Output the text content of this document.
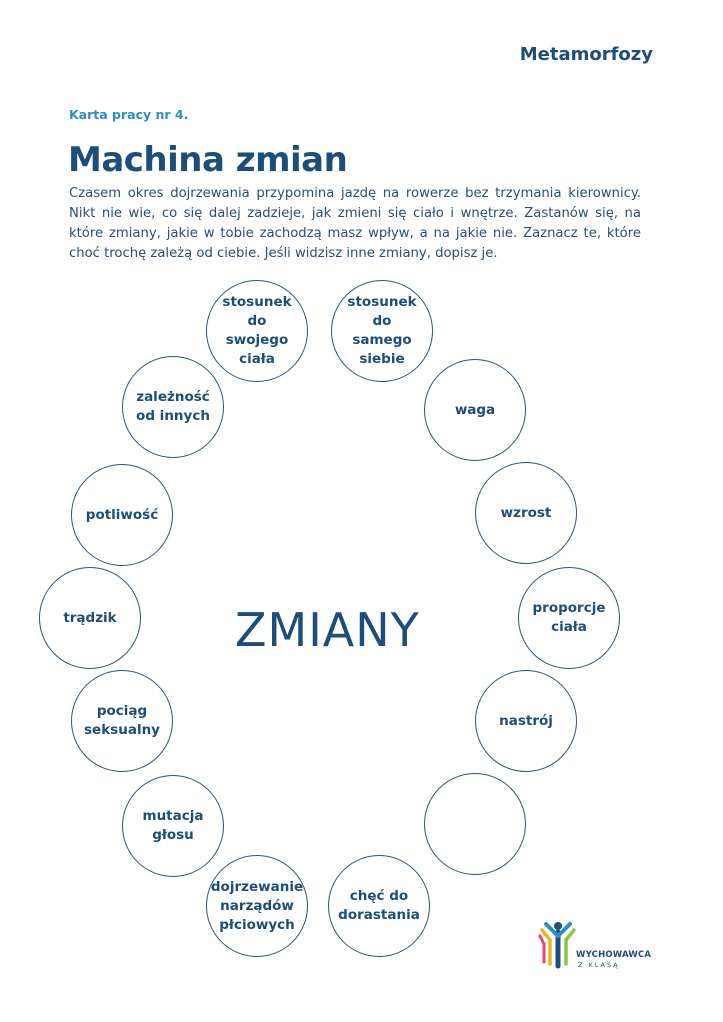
Metamorfozy
Karta pracy nr 4.
Machina zmian

Czasem okres dojrzewania przypomina jazdę na rowerze bez trzymania kierownicy. Nikt nie wie, co się dalej zadzieje, jak zmieni się ciało i wnętrze. Zastanów się, na które zmiany, jakie w tobie zachodzą masz wpływ, a na jakie nie. Zaznacz te, które choć trochę zależą od ciebie. Jeśli widzisz inne zmiany, dopisz je.

ZMIANY
stosunek do
swojego
ciała
stosunek do
samego
siebie
zależność
od innych	waga
potliwość	wzrost
trądzik
proporcje
ciała
pociąg
seksualny
nastrój
mutacja
głosu
dojrzewanie
narządów
płciowych
chęć do
dorastania
WYCHOWAWCA
Z KLASĄ
